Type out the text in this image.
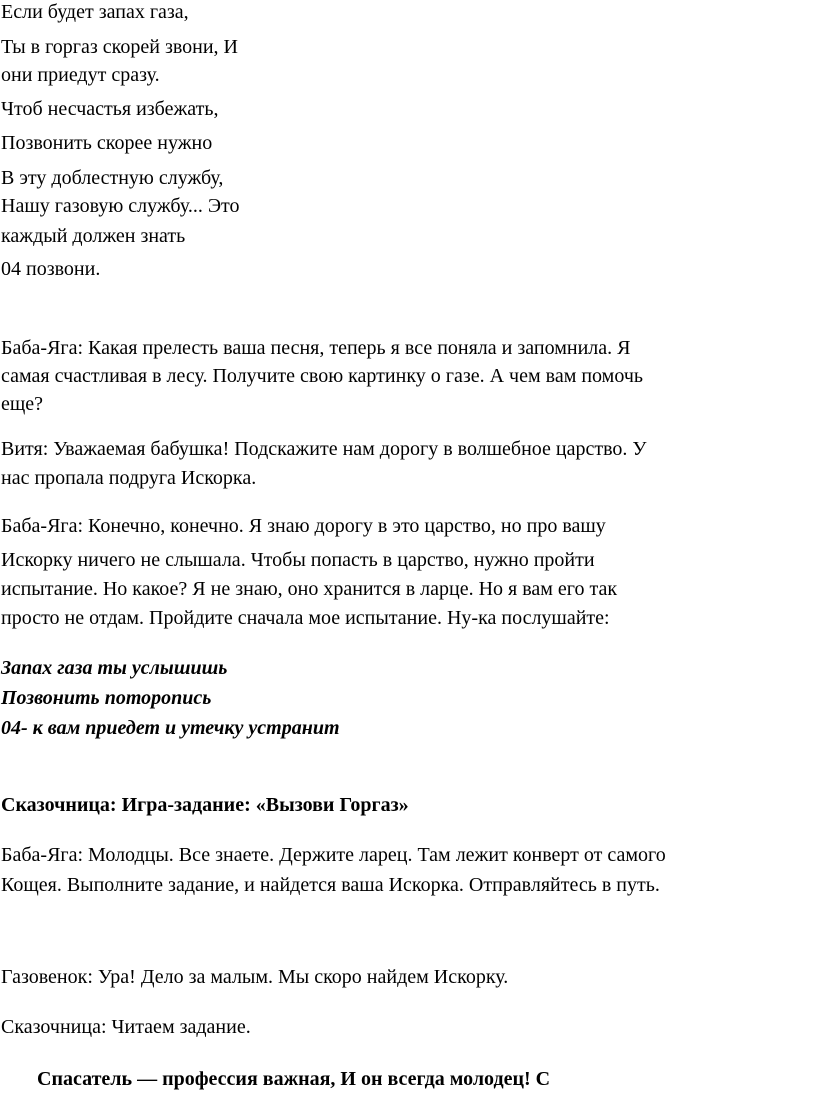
Если будет запах газа,
Ты в горгаз скорей звони, И
они приедут сразу.
Чтоб несчастья избежать,
Позвонить скорее нужно
В эту доблестную службу,
Нашу газовую службу... Это
каждый должен знать
04 позвони.
Баба-Яга: Какая прелесть ваша песня, теперь я все поняла и запомнила. Я
самая счастливая в лесу. Получите свою картинку о газе. А чем вам помочь
еще?
Витя: Уважаемая бабушка! Подскажите нам дорогу в волшебное царство. У
нас пропала подруга Искорка.
Баба-Яга: Конечно, конечно. Я знаю дорогу в это царство, но про вашу
Искорку ничего не слышала. Чтобы попасть в царство, нужно пройти
испытание. Но какое? Я не знаю, оно хранится в ларце. Но я вам его так
просто не отдам. Пройдите сначала мое испытание. Ну-ка послушайте:
Запах газа ты услышишь
Позвонить поторопись
04- к вам приедет и утечку устранит
Сказочница: Игра-задание: «Вызови Горгаз»
Баба-Яга: Молодцы. Все знаете. Держите ларец. Там лежит конверт от самого
Кощея. Выполните задание, и найдется ваша Искорка. Отправляйтесь в путь.
Газовенок: Ура! Дело за малым. Мы скоро найдем Искорку.
Сказочница: Читаем задание.
Спасатель — профессия важная, И он всегда молодец! С
